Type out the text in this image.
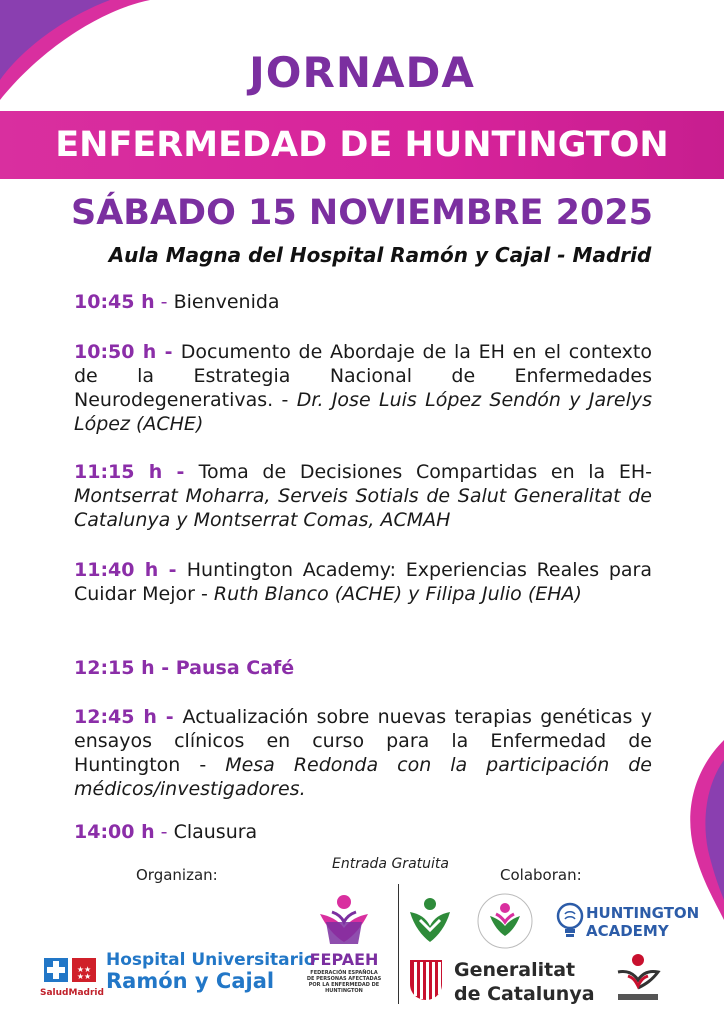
JORNADA
ENFERMEDAD DE HUNTINGTON
SÁBADO 15 NOVIEMBRE 2025
Aula Magna del Hospital Ramón y Cajal - Madrid
10:45 h - Bienvenida
10:50 h - Documento de Abordaje de la EH en el contexto de la Estrategia Nacional de Enfermedades Neurodegenerativas. - Dr. Jose Luis López Sendón y Jarelys López (ACHE)
11:15 h - Toma de Decisiones Compartidas en la EH- Montserrat Moharra, Serveis Sotials de Salut Generalitat de Catalunya y Montserrat Comas, ACMAH
11:40 h - Huntington Academy: Experiencias Reales para Cuidar Mejor - Ruth Blanco (ACHE) y Filipa Julio (EHA)
12:15 h - Pausa Café
12:45 h - Actualización sobre nuevas terapias genéticas y ensayos clínicos en curso para la Enfermedad de Huntington - Mesa Redonda con la participación de médicos/investigadores.
14:00 h - Clausura
Organizan:
Entrada Gratuita
Colaboran:
★★
★★
SaludMadrid
Hospital Universitario
Ramón y Cajal
FEPAEH
FEDERACIÓN ESPAÑOLA DE PERSONAS AFECTADAS POR LA ENFERMEDAD DE HUNTINGTON
HUNTINGTON
ACADEMY
Generalitat
de Catalunya
